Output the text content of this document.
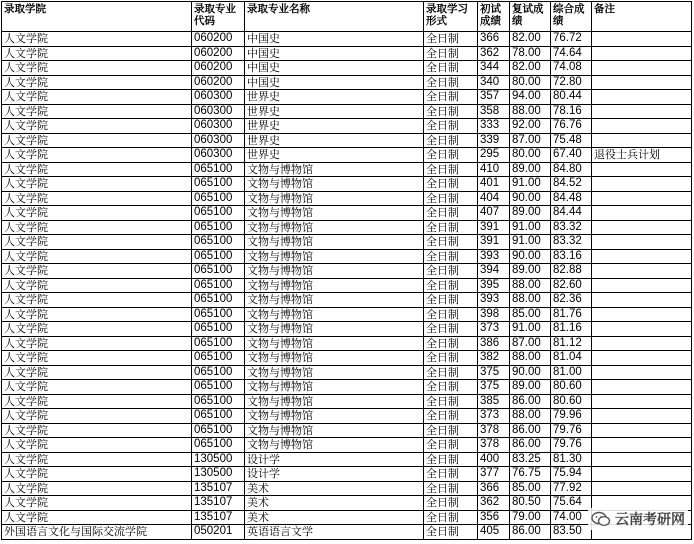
录取学院	录取专业代码	录取专业名称	录取学习形式	初试成绩	复试成绩	综合成绩	备注
人文学院	060200	中国史	全日制	366	82.00	76.72	
人文学院	060200	中国史	全日制	362	78.00	74.64	
人文学院	060200	中国史	全日制	344	82.00	74.08	
人文学院	060200	中国史	全日制	340	80.00	72.80	
人文学院	060300	世界史	全日制	357	94.00	80.44	
人文学院	060300	世界史	全日制	358	88.00	78.16	
人文学院	060300	世界史	全日制	333	92.00	76.76	
人文学院	060300	世界史	全日制	339	87.00	75.48	
人文学院	060300	世界史	全日制	295	80.00	67.40	退役士兵计划
人文学院	065100	文物与博物馆	全日制	410	89.00	84.80	
人文学院	065100	文物与博物馆	全日制	401	91.00	84.52	
人文学院	065100	文物与博物馆	全日制	404	90.00	84.48	
人文学院	065100	文物与博物馆	全日制	407	89.00	84.44	
人文学院	065100	文物与博物馆	全日制	391	91.00	83.32	
人文学院	065100	文物与博物馆	全日制	391	91.00	83.32	
人文学院	065100	文物与博物馆	全日制	393	90.00	83.16	
人文学院	065100	文物与博物馆	全日制	394	89.00	82.88	
人文学院	065100	文物与博物馆	全日制	395	88.00	82.60	
人文学院	065100	文物与博物馆	全日制	393	88.00	82.36	
人文学院	065100	文物与博物馆	全日制	398	85.00	81.76	
人文学院	065100	文物与博物馆	全日制	373	91.00	81.16	
人文学院	065100	文物与博物馆	全日制	386	87.00	81.12	
人文学院	065100	文物与博物馆	全日制	382	88.00	81.04	
人文学院	065100	文物与博物馆	全日制	375	90.00	81.00	
人文学院	065100	文物与博物馆	全日制	375	89.00	80.60	
人文学院	065100	文物与博物馆	全日制	385	86.00	80.60	
人文学院	065100	文物与博物馆	全日制	373	88.00	79.96	
人文学院	065100	文物与博物馆	全日制	378	86.00	79.76	
人文学院	065100	文物与博物馆	全日制	378	86.00	79.76	
人文学院	130500	设计学	全日制	400	83.25	81.30	
人文学院	130500	设计学	全日制	377	76.75	75.94	
人文学院	135107	美术	全日制	366	85.00	77.92	
人文学院	135107	美术	全日制	362	80.50	75.64	
人文学院	135107	美术	全日制	356	79.00	74.00	
外国语言文化与国际交流学院	050201	英语语言文学	全日制	405	86.00	83.50	
云南考研网
